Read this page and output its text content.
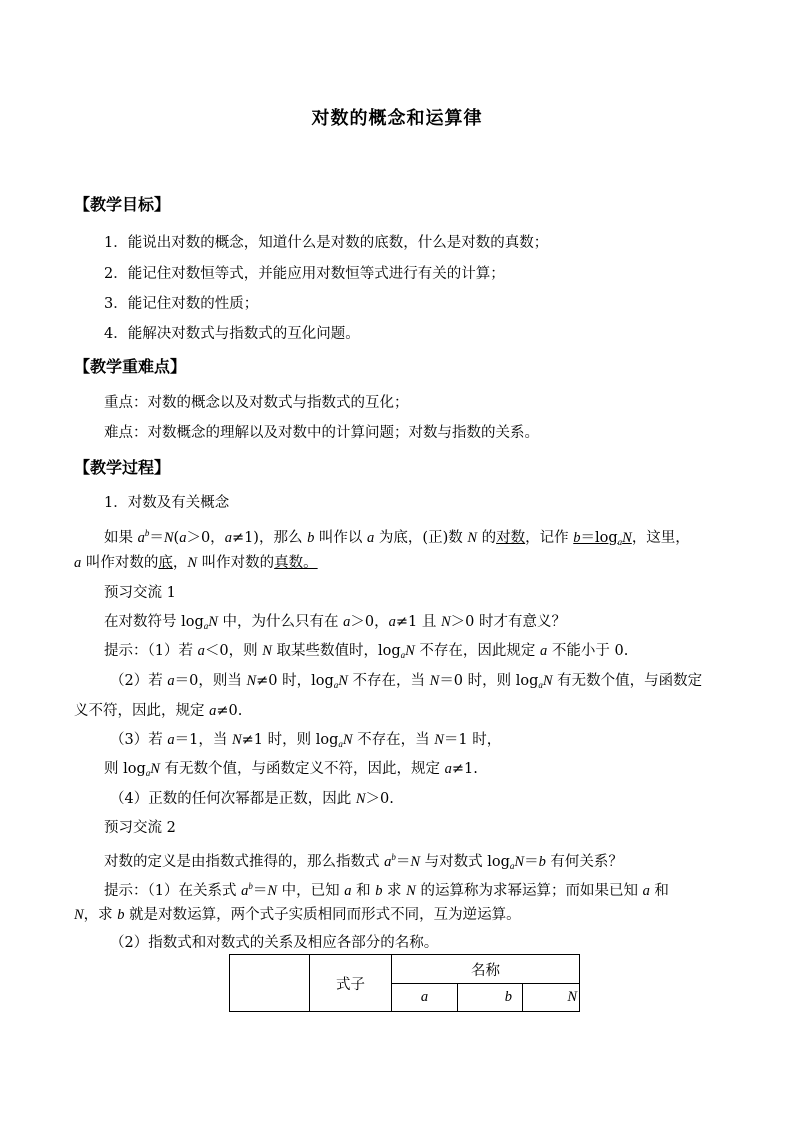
对数的概念和运算律
【教学目标】
1．能说出对数的概念，知道什么是对数的底数，什么是对数的真数；
2．能记住对数恒等式，并能应用对数恒等式进行有关的计算；
3．能记住对数的性质；
4．能解决对数式与指数式的互化问题。
【教学重难点】
重点：对数的概念以及对数式与指数式的互化；
难点：对数概念的理解以及对数中的计算问题；对数与指数的关系。
【教学过程】
1．对数及有关概念
如果 $a^b=N(a>0$，a≠1)，那么 b 叫作以 a 为底，(正)数 N 的对数，记作 $b=\log_aN$，这里，
a 叫作对数的底，N 叫作对数的真数。
预习交流 1
在对数符号 $\log_aN$ 中，为什么只有在 a＞0，a≠1 且 N＞0 时才有意义？
提示：（1）若 a＜0，则 N 取某些数值时，$\log_aN$ 不存在，因此规定 a 不能小于 0.
（2）若 a＝0，则当 N≠0 时，$\log_aN$ 不存在，当 N＝0 时，则 $\log_aN$ 有无数个值，与函数定
义不符，因此，规定 a≠0.
（3）若 a＝1，当 N≠1 时，则 $\log_aN$ 不存在，当 N＝1 时，
则 $\log_aN$ 有无数个值，与函数定义不符，因此，规定 a≠1.
（4）正数的任何次幂都是正数，因此 N＞0.
预习交流 2
对数的定义是由指数式推得的，那么指数式 $a^b=N$ 与对数式 $\log_aN=b$ 有何关系？
提示：（1）在关系式 $a^b=N$ 中，已知 a 和 b 求 N 的运算称为求幂运算；而如果已知 a 和
N，求 b 就是对数运算，两个式子实质相同而形式不同，互为逆运算。
（2）指数式和对数式的关系及相应各部分的名称。
	式子	名称		
		a	b	N
